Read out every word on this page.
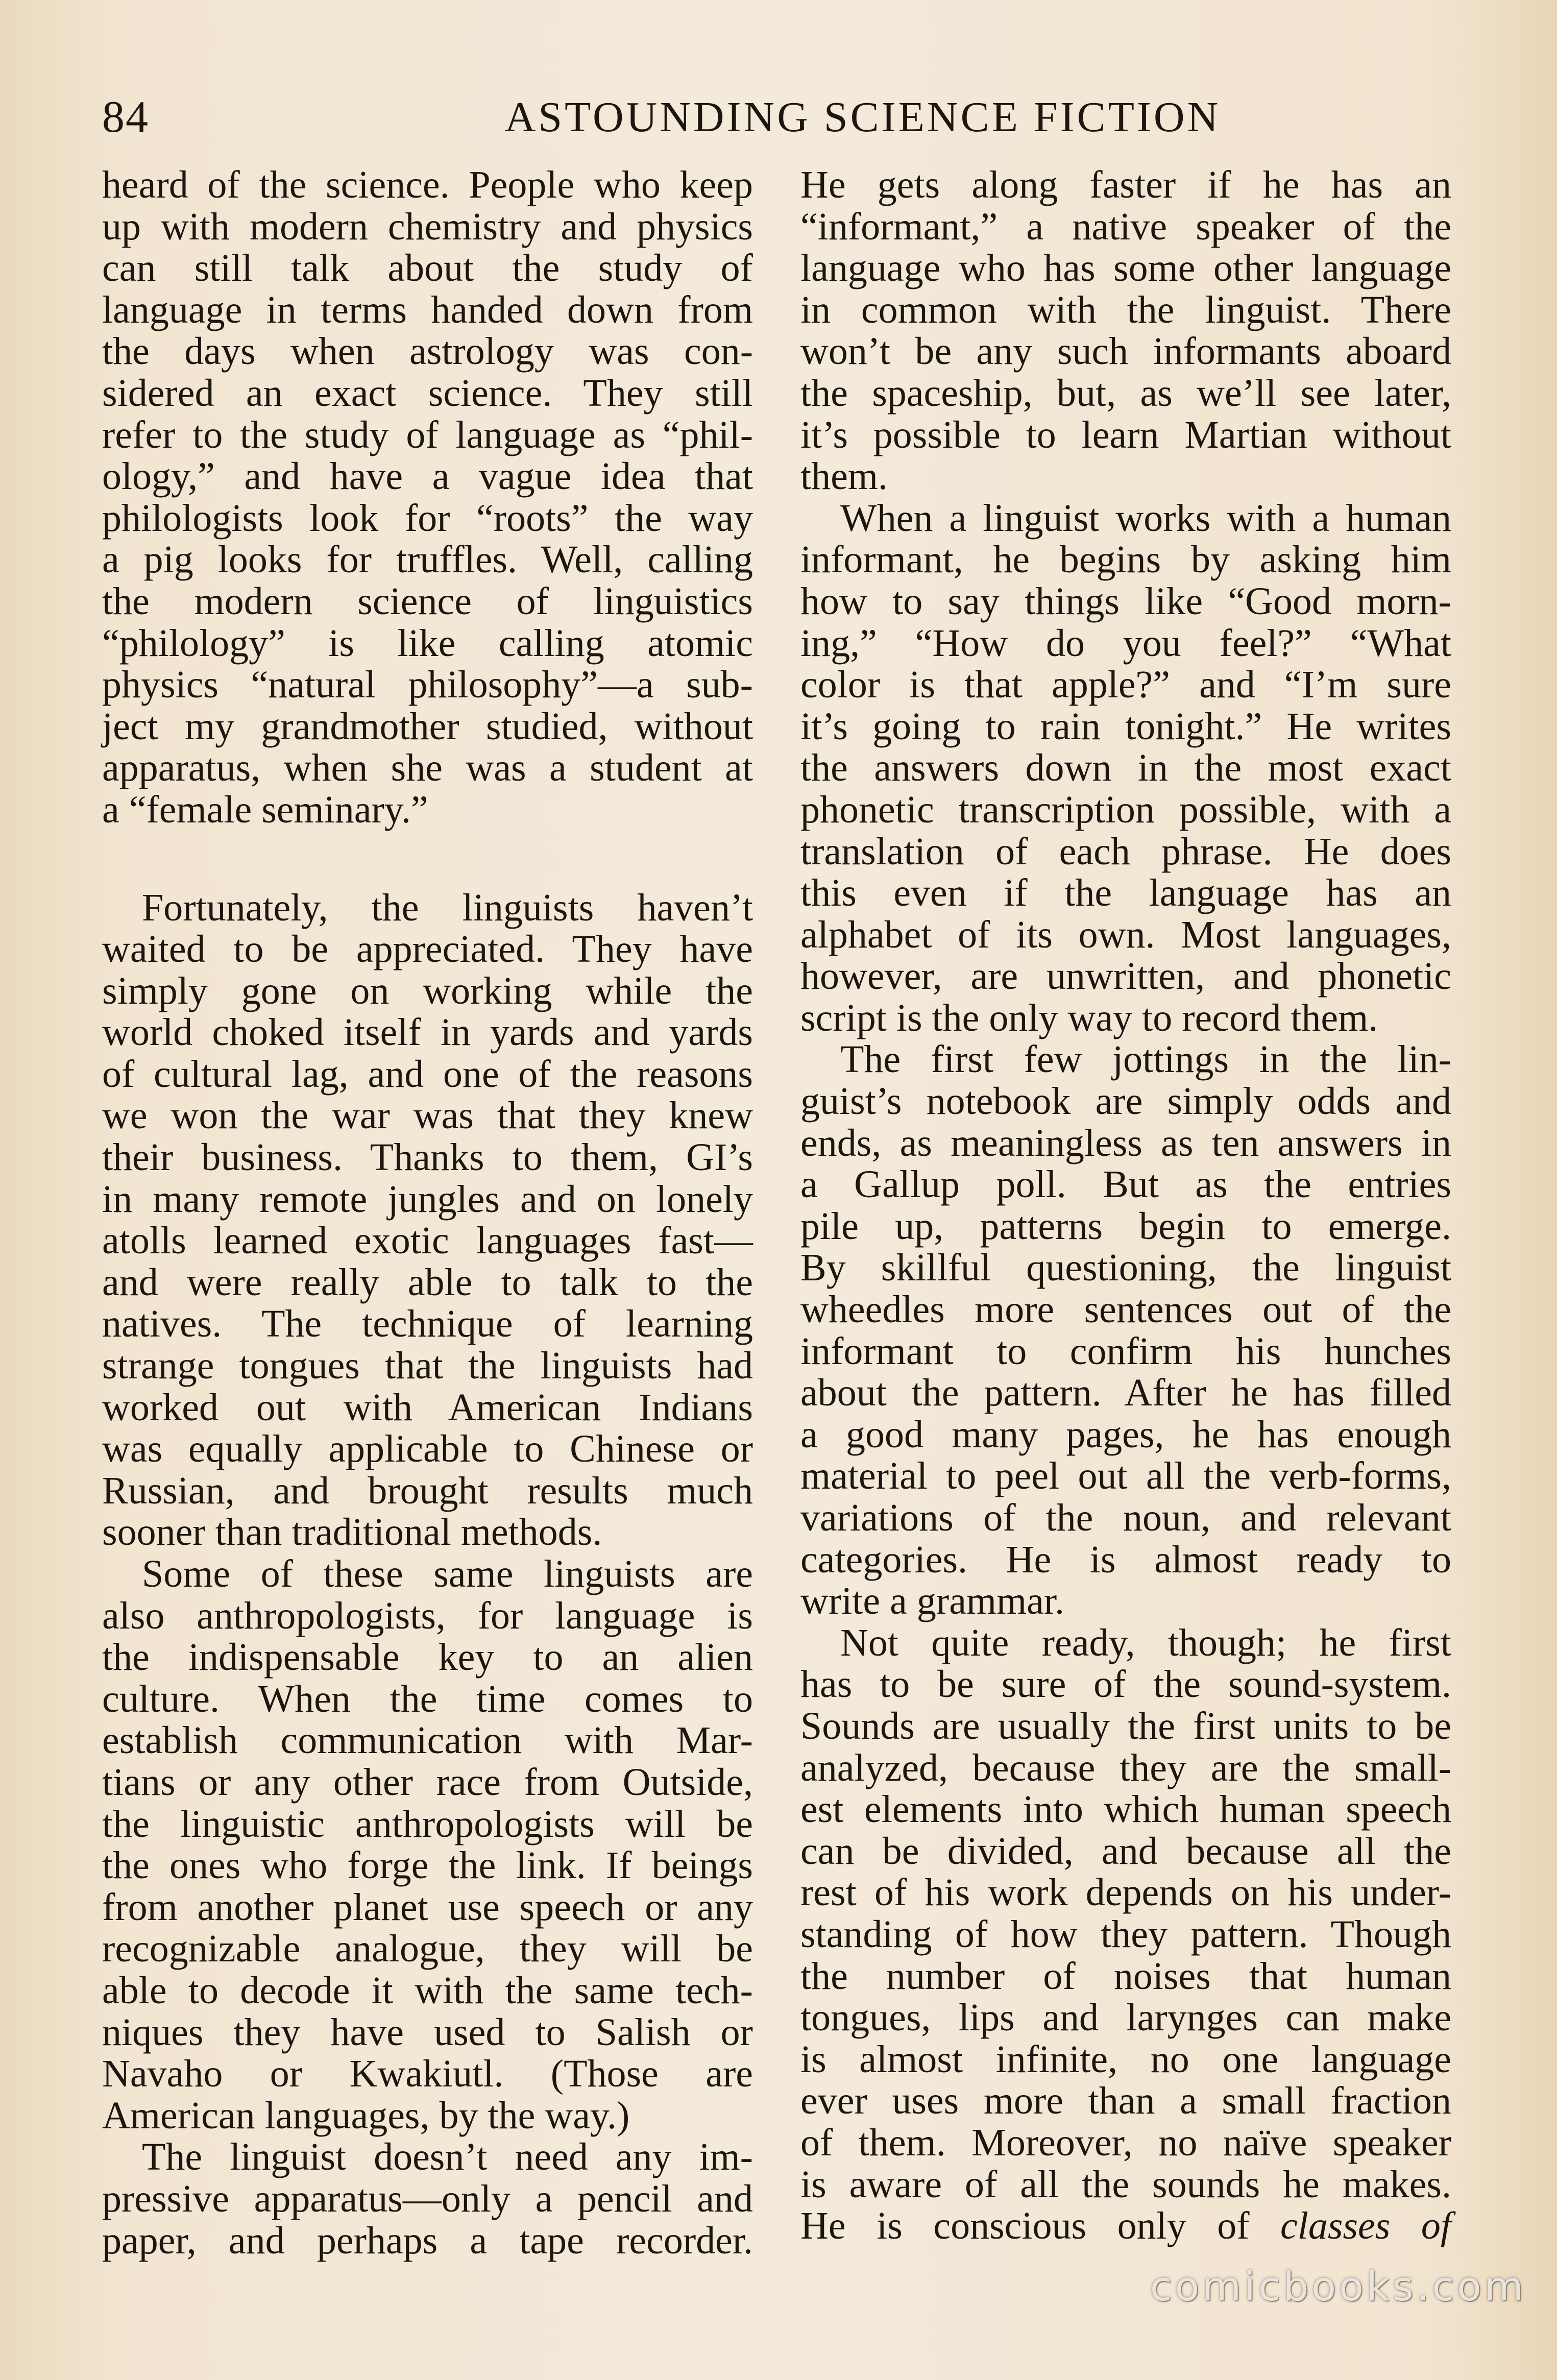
84	ASTOUNDING SCIENCE FICTION
heard of the science. People who keep
up with modern chemistry and physics
can still talk about the study of
language in terms handed down from
the days when astrology was con-
sidered an exact science. They still
refer to the study of language as “phil-
ology,” and have a vague idea that
philologists look for “roots” the way
a pig looks for truffles. Well, calling
the modern science of linguistics
“philology” is like calling atomic
physics “natural philosophy”—a sub-
ject my grandmother studied, without
apparatus, when she was a student at
a “female seminary.”
Fortunately, the linguists haven’t
waited to be appreciated. They have
simply gone on working while the
world choked itself in yards and yards
of cultural lag, and one of the reasons
we won the war was that they knew
their business. Thanks to them, GI’s
in many remote jungles and on lonely
atolls learned exotic languages fast—
and were really able to talk to the
natives. The technique of learning
strange tongues that the linguists had
worked out with American Indians
was equally applicable to Chinese or
Russian, and brought results much
sooner than traditional methods.
Some of these same linguists are
also anthropologists, for language is
the indispensable key to an alien
culture. When the time comes to
establish communication with Mar-
tians or any other race from Outside,
the linguistic anthropologists will be
the ones who forge the link. If beings
from another planet use speech or any
recognizable analogue, they will be
able to decode it with the same tech-
niques they have used to Salish or
Navaho or Kwakiutl. (Those are
American languages, by the way.)
The linguist doesn’t need any im-
pressive apparatus—only a pencil and
paper, and perhaps a tape recorder.
He gets along faster if he has an
“informant,” a native speaker of the
language who has some other language
in common with the linguist. There
won’t be any such informants aboard
the spaceship, but, as we’ll see later,
it’s possible to learn Martian without
them.
When a linguist works with a human
informant, he begins by asking him
how to say things like “Good morn-
ing,” “How do you feel?” “What
color is that apple?” and “I’m sure
it’s going to rain tonight.” He writes
the answers down in the most exact
phonetic transcription possible, with a
translation of each phrase. He does
this even if the language has an
alphabet of its own. Most languages,
however, are unwritten, and phonetic
script is the only way to record them.
The first few jottings in the lin-
guist’s notebook are simply odds and
ends, as meaningless as ten answers in
a Gallup poll. But as the entries
pile up, patterns begin to emerge.
By skillful questioning, the linguist
wheedles more sentences out of the
informant to confirm his hunches
about the pattern. After he has filled
a good many pages, he has enough
material to peel out all the verb-forms,
variations of the noun, and relevant
categories. He is almost ready to
write a grammar.
Not quite ready, though; he first
has to be sure of the sound-system.
Sounds are usually the first units to be
analyzed, because they are the small-
est elements into which human speech
can be divided, and because all the
rest of his work depends on his under-
standing of how they pattern. Though
the number of noises that human
tongues, lips and larynges can make
is almost infinite, no one language
ever uses more than a small fraction
of them. Moreover, no naïve speaker
is aware of all the sounds he makes.
He is conscious only of classes of
comicbooks.com
